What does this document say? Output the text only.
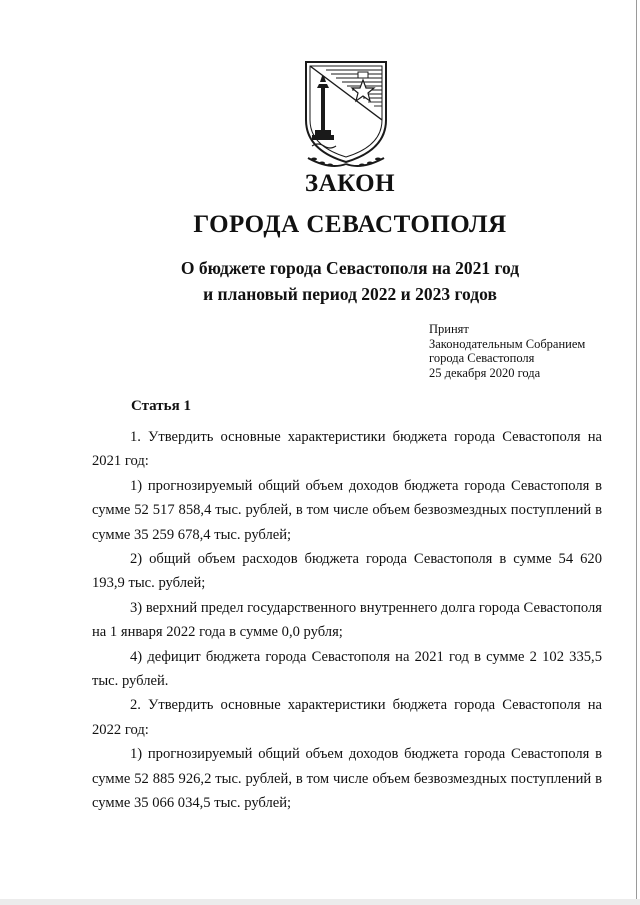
ЗАКОН
ГОРОДА СЕВАСТОПОЛЯ
О бюджете города Севастополя на 2021 год
и плановый период 2022 и 2023 годов
Принят
Законодательным Собранием
города Севастополя
25 декабря 2020 года
Статья 1

1. Утвердить основные характеристики бюджета города Севастополя на 2021 год:

1) прогнозируемый общий объем доходов бюджета города Севастополя в сумме 52 517 858,4 тыс. рублей, в том числе объем безвозмездных поступлений в сумме 35 259 678,4 тыс. рублей;

2) общий объем расходов бюджета города Севастополя в сумме 54 620 193,9 тыс. рублей;

3) верхний предел государственного внутреннего долга города Севастополя на 1 января 2022 года в сумме 0,0 рубля;

4) дефицит бюджета города Севастополя на 2021 год в сумме 2 102 335,5 тыс. рублей.

2. Утвердить основные характеристики бюджета города Севастополя на 2022 год:

1) прогнозируемый общий объем доходов бюджета города Севастополя в сумме 52 885 926,2 тыс. рублей, в том числе объем безвозмездных поступлений в сумме 35 066 034,5 тыс. рублей;
